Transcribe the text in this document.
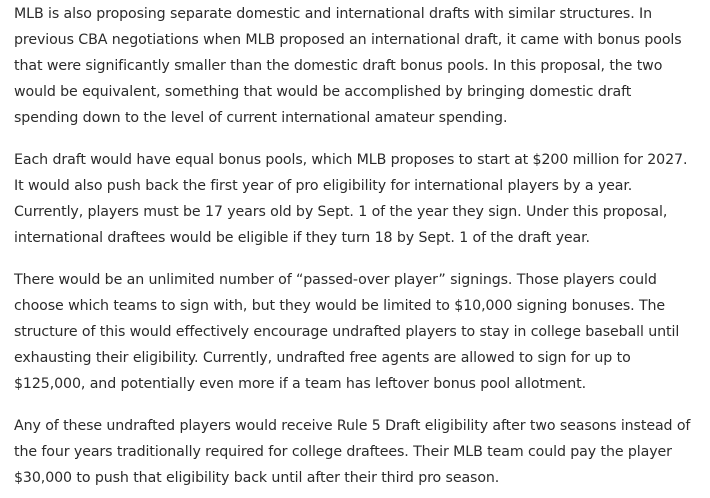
MLB is also proposing separate domestic and international drafts with similar structures. In previous CBA negotiations when MLB proposed an international draft, it came with bonus pools that were significantly smaller than the domestic draft bonus pools. In this proposal, the two would be equivalent, something that would be accomplished by bringing domestic draft spending down to the level of current international amateur spending.

Each draft would have equal bonus pools, which MLB proposes to start at $200 million for 2027. It would also push back the first year of pro eligibility for international players by a year. Currently, players must be 17 years old by Sept. 1 of the year they sign. Under this proposal, international draftees would be eligible if they turn 18 by Sept. 1 of the draft year.

There would be an unlimited number of “passed-over player” signings. Those players could choose which teams to sign with, but they would be limited to $10,000 signing bonuses. The structure of this would effectively encourage undrafted players to stay in college baseball until exhausting their eligibility. Currently, undrafted free agents are allowed to sign for up to $125,000, and potentially even more if a team has leftover bonus pool allotment.

Any of these undrafted players would receive Rule 5 Draft eligibility after two seasons instead of the four years traditionally required for college draftees. Their MLB team could pay the player $30,000 to push that eligibility back until after their third pro season.
